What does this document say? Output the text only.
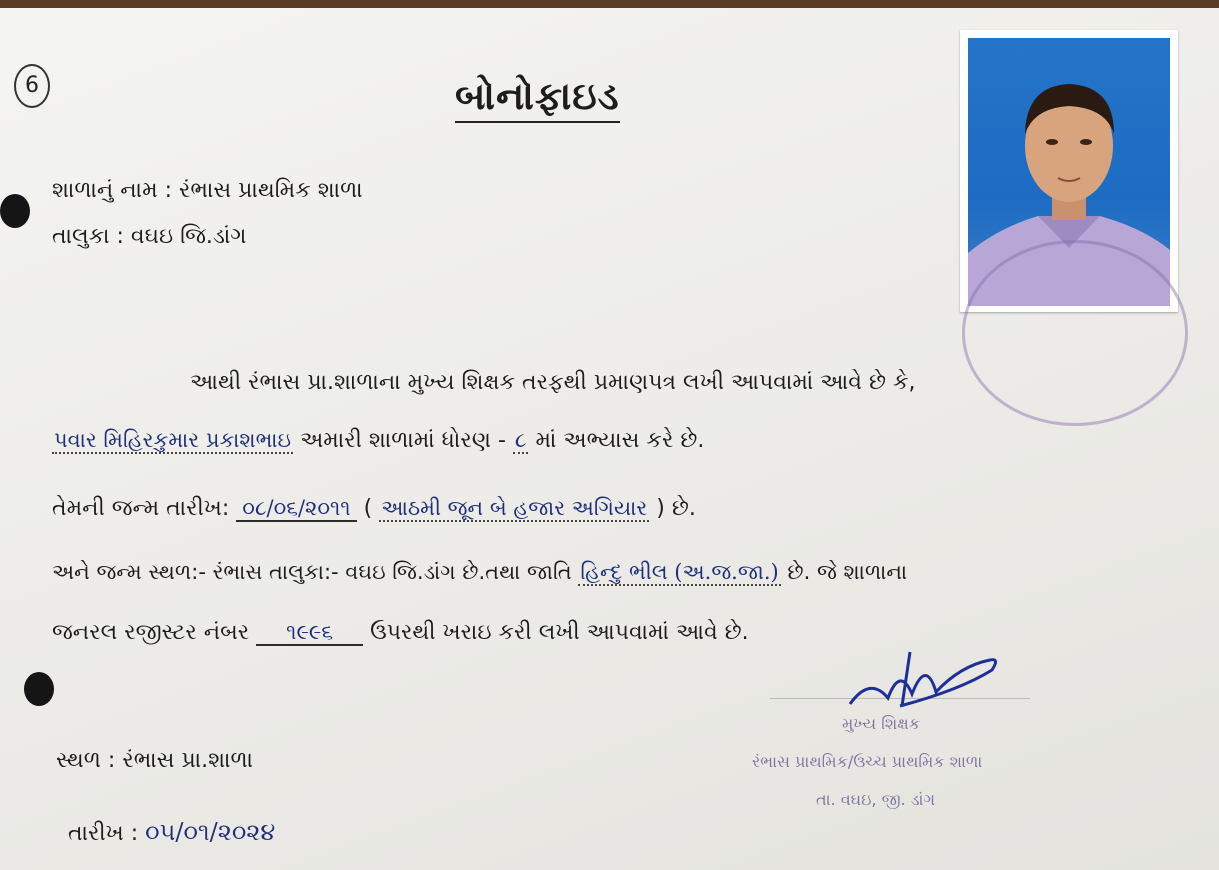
6	બોનોફાઇડ
શાળાનું નામ : રંભાસ પ્રાથમિક શાળા
તાલુકા : વઘઇ જિ.ડાંગ
આથી રંભાસ પ્રા.શાળાના મુખ્ય શિક્ષક તરફથી પ્રમાણપત્ર લખી આપવામાં આવે છે કે,
પવાર મિહિરકુમાર પ્રકાશભાઇ અમારી શાળામાં ધોરણ - ૮ માં અભ્યાસ કરે છે.
તેમની જન્મ તારીખ: ૦૮/૦૬/૨૦૧૧ ( આઠમી જૂન બે હજાર અગિયાર ) છે.
અને જન્મ સ્થળ:- રંભાસ તાલુકા:- વઘઇ જિ.ડાંગ છે.તથા જાતિ હિન્દુ ભીલ (અ.જ.જા.) છે. જે શાળાના
જનરલ રજીસ્ટર નંબર ૧૯૯૬ ઉપરથી ખરાઇ કરી લખી આપવામાં આવે છે.
મુખ્ય શિક્ષક
રંભાસ પ્રાથમિક/ઉચ્ચ પ્રાથમિક શાળા
તા. વઘઇ, જી. ડાંગ
સ્થળ : રંભાસ પ્રા.શાળા
તારીખ : ૦૫/૦૧/૨૦૨૪
